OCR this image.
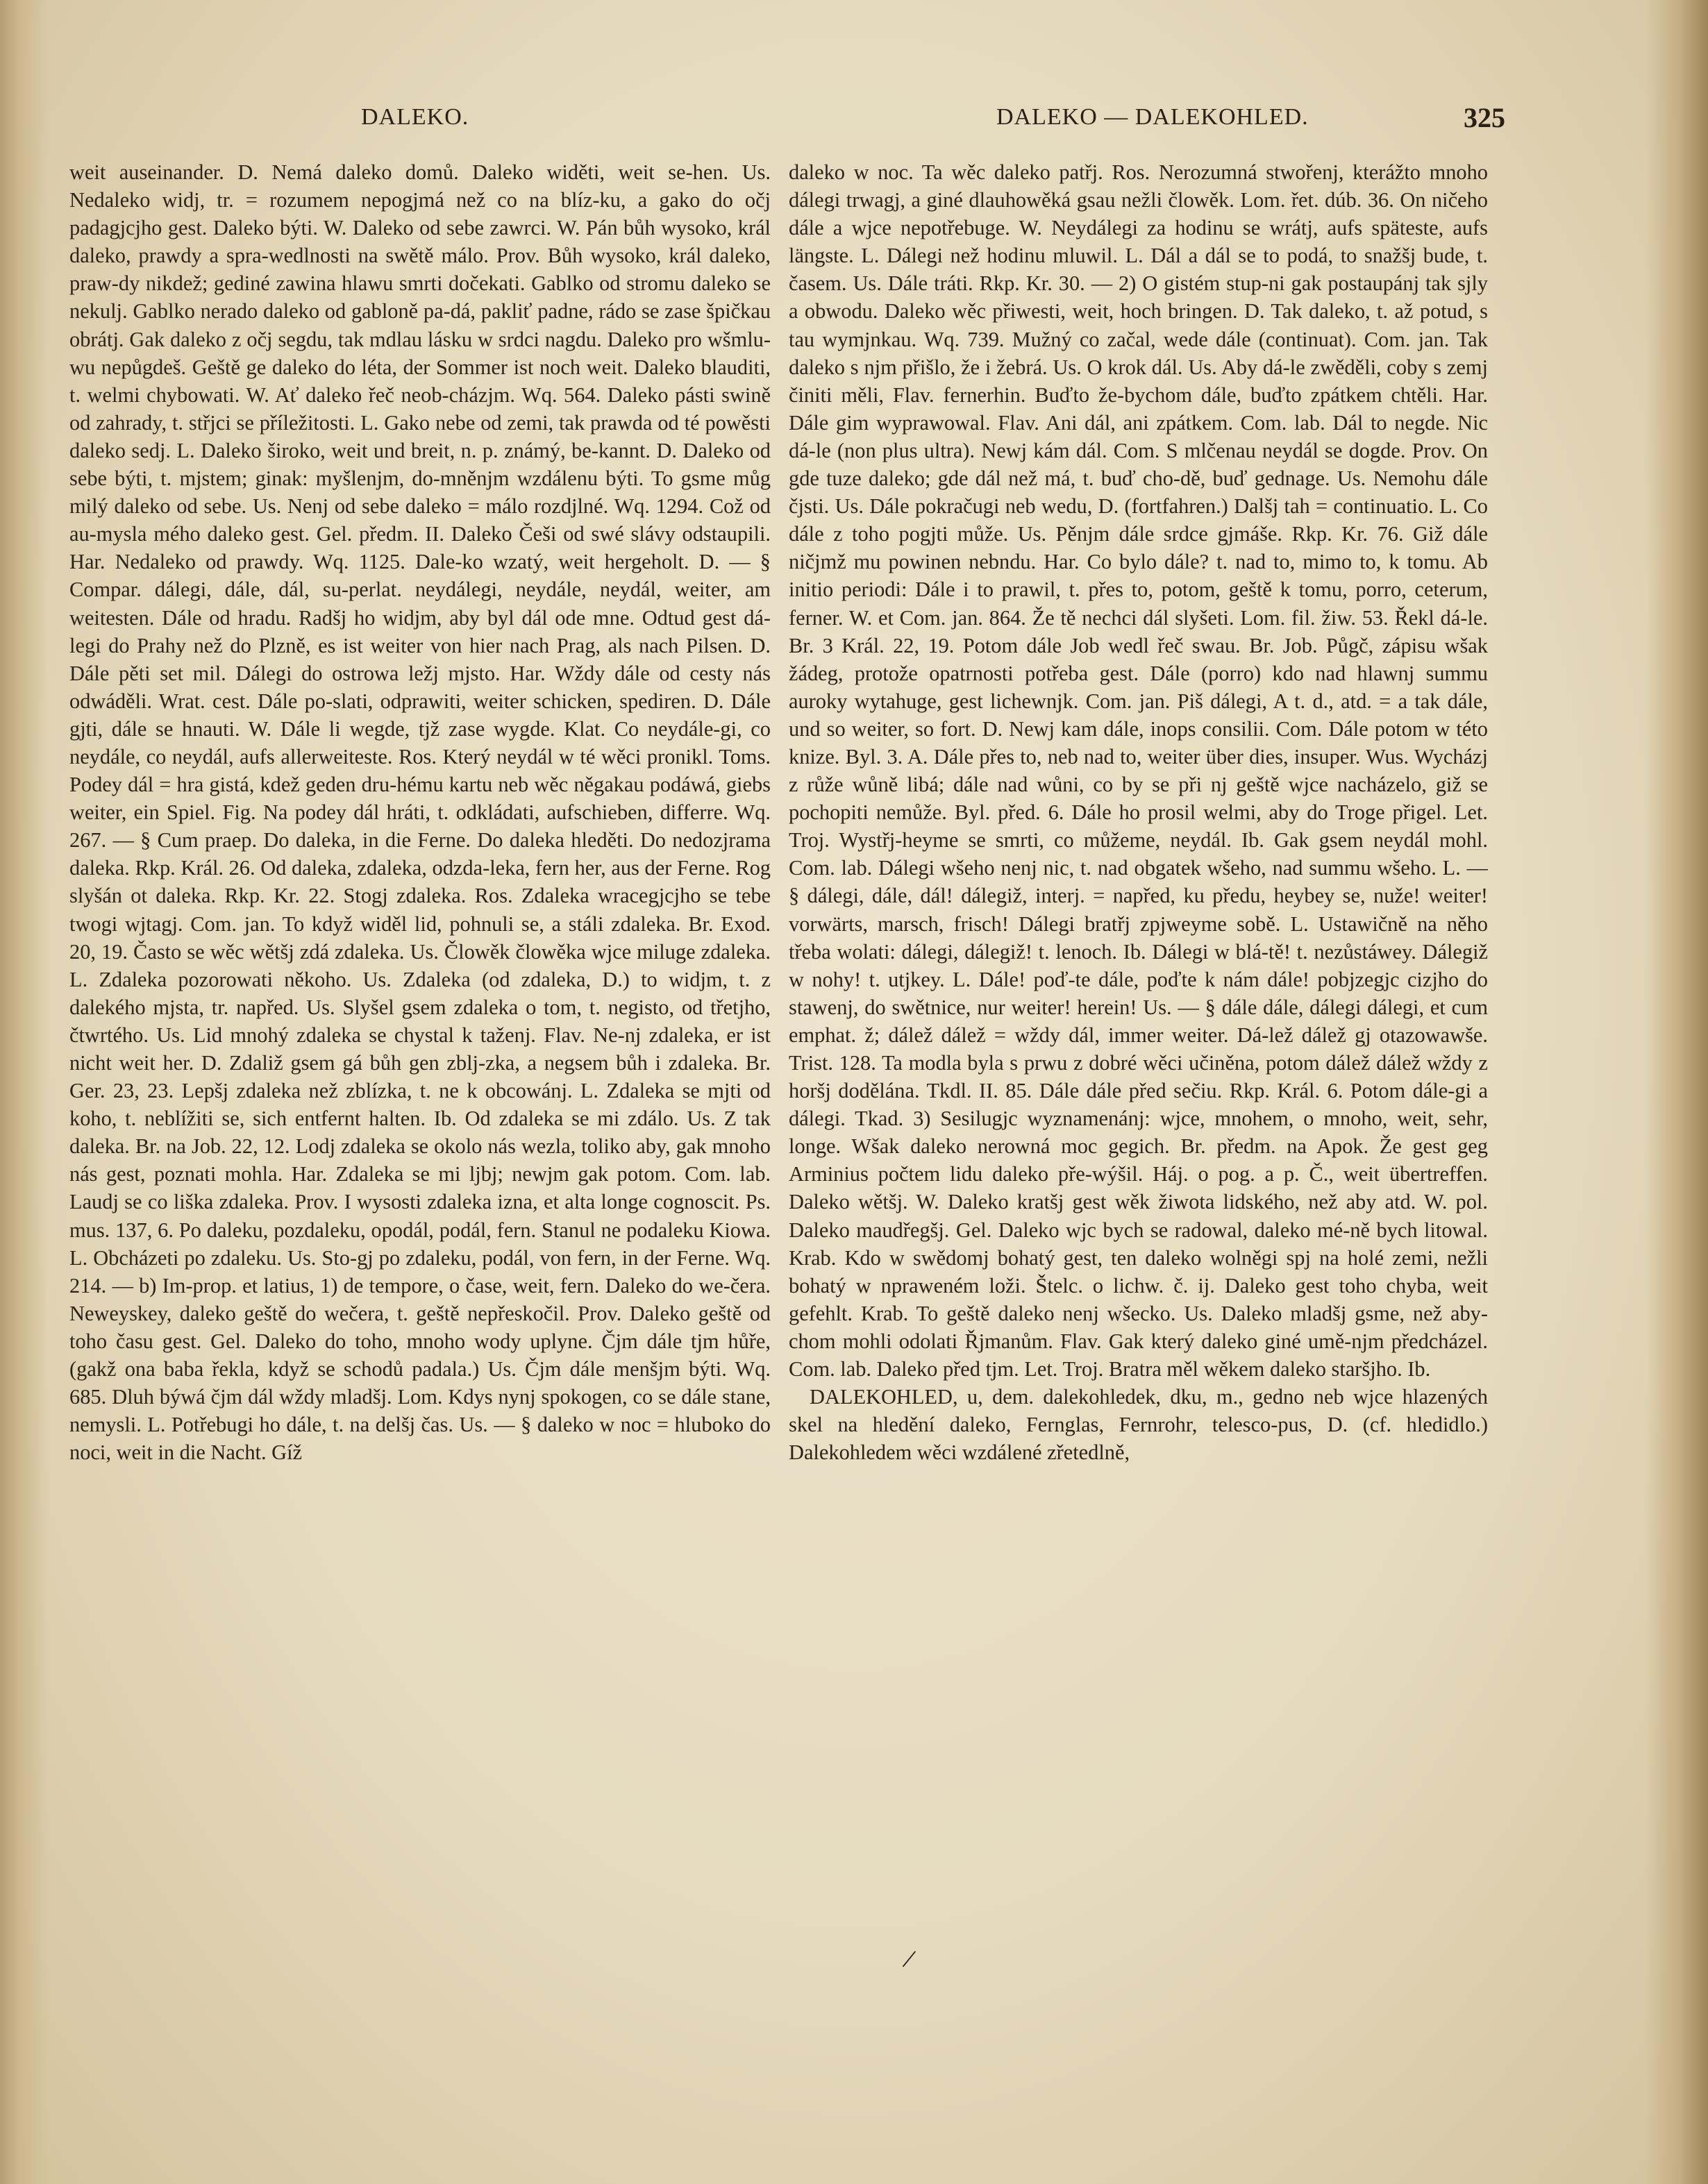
DALEKO.	DALEKO — DALEKOHLED.	325

weit auseinander. D. Nemá daleko domů. Daleko widěti, weit se-hen. Us. Nedaleko widj, tr. = rozumem nepogjmá než co na blíz-ku, a gako do očj padagjcjho gest. Daleko býti. W. Daleko od sebe zawrci. W. Pán bůh wysoko, král daleko, prawdy a spra-wedlnosti na swětě málo. Prov. Bůh wysoko, král daleko, praw-dy nikdež; gediné zawina hlawu smrti dočekati. Gablko od stromu daleko se nekulj. Gablko nerado daleko od gabloně pa-dá, pakliť padne, rádo se zase špičkau obrátj. Gak daleko z očj segdu, tak mdlau lásku w srdci nagdu. Daleko pro wšmlu-wu nepůgdeš. Geště ge daleko do léta, der Sommer ist noch weit. Daleko blauditi, t. welmi chybowati. W. Ať daleko řeč neob-cházjm. Wq. 564. Daleko pásti swině od zahrady, t. střjci se příležitosti. L. Gako nebe od zemi, tak prawda od té powěsti daleko sedj. L. Daleko široko, weit und breit, n. p. známý, be-kannt. D. Daleko od sebe býti, t. mjstem; ginak: myšlenjm, do-mněnjm wzdálenu býti. To gsme můg milý daleko od sebe. Us. Nenj od sebe daleko = málo rozdjlné. Wq. 1294. Což od au-mysla mého daleko gest. Gel. předm. II. Daleko Češi od swé slávy odstaupili. Har. Nedaleko od prawdy. Wq. 1125. Dale-ko wzatý, weit hergeholt. D. — § Compar. dálegi, dále, dál, su-perlat. neydálegi, neydále, neydál, weiter, am weitesten. Dále od hradu. Radšj ho widjm, aby byl dál ode mne. Odtud gest dá-legi do Prahy než do Plzně, es ist weiter von hier nach Prag, als nach Pilsen. D. Dále pěti set mil. Dálegi do ostrowa ležj mjsto. Har. Wždy dále od cesty nás odwáděli. Wrat. cest. Dále po-slati, odprawiti, weiter schicken, spediren. D. Dále gjti, dále se hnauti. W. Dále li wegde, tjž zase wygde. Klat. Co neydále-gi, co neydále, co neydál, aufs allerweiteste. Ros. Který neydál w té wěci pronikl. Toms. Podey dál = hra gistá, kdež geden dru-hému kartu neb wěc něgakau podáwá, giebs weiter, ein Spiel. Fig. Na podey dál hráti, t. odkládati, aufschieben, differre. Wq. 267. — § Cum praep. Do daleka, in die Ferne. Do daleka hleděti. Do nedozjrama daleka. Rkp. Král. 26. Od daleka, zdaleka, odzda-leka, fern her, aus der Ferne. Rog slyšán ot daleka. Rkp. Kr. 22. Stogj zdaleka. Ros. Zdaleka wracegjcjho se tebe twogi wjtagj. Com. jan. To když widěl lid, pohnuli se, a stáli zdaleka. Br. Exod. 20, 19. Často se wěc wětšj zdá zdaleka. Us. Člowěk člowěka wjce miluge zdaleka. L. Zdaleka pozorowati někoho. Us. Zdaleka (od zdaleka, D.) to widjm, t. z dalekého mjsta, tr. napřed. Us. Slyšel gsem zdaleka o tom, t. negisto, od třetjho, čtwrtého. Us. Lid mnohý zdaleka se chystal k taženj. Flav. Ne-nj zdaleka, er ist nicht weit her. D. Zdaliž gsem gá bůh gen zblj-zka, a negsem bůh i zdaleka. Br. Ger. 23, 23. Lepšj zdaleka než zblízka, t. ne k obcowánj. L. Zdaleka se mjti od koho, t. neblížiti se, sich entfernt halten. Ib. Od zdaleka se mi zdálo. Us. Z tak daleka. Br. na Job. 22, 12. Lodj zdaleka se okolo nás wezla, toliko aby, gak mnoho nás gest, poznati mohla. Har. Zdaleka se mi ljbj; newjm gak potom. Com. lab. Laudj se co liška zdaleka. Prov. I wysosti zdaleka izna, et alta longe cognoscit. Ps. mus. 137, 6. Po daleku, pozdaleku, opodál, podál, fern. Stanul ne podaleku Kiowa. L. Obcházeti po zdaleku. Us. Sto-gj po zdaleku, podál, von fern, in der Ferne. Wq. 214. — b) Im-prop. et latius, 1) de tempore, o čase, weit, fern. Daleko do we-čera. Neweyskey, daleko geště do wečera, t. geště nepřeskočil. Prov. Daleko geště od toho času gest. Gel. Daleko do toho, mnoho wody uplyne. Čjm dále tjm hůře, (gakž ona baba řekla, když se schodů padala.) Us. Čjm dále menšjm býti. Wq. 685. Dluh býwá čjm dál wždy mladšj. Lom. Kdys nynj spokogen, co se dále stane, nemysli. L. Potřebugi ho dále, t. na delšj čas. Us. — § daleko w noc = hluboko do noci, weit in die Nacht. Gíž

daleko w noc. Ta wěc daleko patřj. Ros. Nerozumná stwořenj, kterážto mnoho dálegi trwagj, a giné dlauhowěká gsau nežli člowěk. Lom. řet. dúb. 36. On ničeho dále a wjce nepotřebuge. W. Neydálegi za hodinu se wrátj, aufs späteste, aufs längste. L. Dálegi než hodinu mluwil. L. Dál a dál se to podá, to snažšj bude, t. časem. Us. Dále tráti. Rkp. Kr. 30. — 2) O gistém stup-ni gak postaupánj tak sjly a obwodu. Daleko wěc přiwesti, weit, hoch bringen. D. Tak daleko, t. až potud, s tau wymjnkau. Wq. 739. Mužný co začal, wede dále (continuat). Com. jan. Tak daleko s njm přišlo, že i žebrá. Us. O krok dál. Us. Aby dá-le zwěděli, coby s zemj činiti měli, Flav. fernerhin. Buďto že-bychom dále, buďto zpátkem chtěli. Har. Dále gim wyprawowal. Flav. Ani dál, ani zpátkem. Com. lab. Dál to negde. Nic dá-le (non plus ultra). Newj kám dál. Com. S mlčenau neydál se dogde. Prov. On gde tuze daleko; gde dál než má, t. buď cho-dě, buď gednage. Us. Nemohu dále čjsti. Us. Dále pokračugi neb wedu, D. (fortfahren.) Dalšj tah = continuatio. L. Co dále z toho pogjti může. Us. Pěnjm dále srdce gjmáše. Rkp. Kr. 76. Giž dále ničjmž mu powinen nebndu. Har. Co bylo dále? t. nad to, mimo to, k tomu. Ab initio periodi: Dále i to prawil, t. přes to, potom, geště k tomu, porro, ceterum, ferner. W. et Com. jan. 864. Že tě nechci dál slyšeti. Lom. fil. žiw. 53. Řekl dá-le. Br. 3 Král. 22, 19. Potom dále Job wedl řeč swau. Br. Job. Půgč, zápisu wšak žádeg, protože opatrnosti potřeba gest. Dále (porro) kdo nad hlawnj summu auroky wytahuge, gest lichewnjk. Com. jan. Piš dálegi, A t. d., atd. = a tak dále, und so weiter, so fort. D. Newj kam dále, inops consilii. Com. Dále potom w této knize. Byl. 3. A. Dále přes to, neb nad to, weiter über dies, insuper. Wus. Wycházj z růže wůně libá; dále nad wůni, co by se při nj geště wjce nacházelo, giž se pochopiti nemůže. Byl. před. 6. Dále ho prosil welmi, aby do Troge přigel. Let. Troj. Wystřj-heyme se smrti, co můžeme, neydál. Ib. Gak gsem neydál mohl. Com. lab. Dálegi wšeho nenj nic, t. nad obgatek wšeho, nad summu wšeho. L. — § dálegi, dále, dál! dálegiž, interj. = napřed, ku předu, heybey se, nuže! weiter! vorwärts, marsch, frisch! Dálegi bratřj zpjweyme sobě. L. Ustawičně na něho třeba wolati: dálegi, dálegiž! t. lenoch. Ib. Dálegi w blá-tě! t. nezůstáwey. Dálegiž w nohy! t. utjkey. L. Dále! poď-te dále, poďte k nám dále! pobjzegjc cizjho do stawenj, do swětnice, nur weiter! herein! Us. — § dále dále, dálegi dálegi, et cum emphat. ž; dálež dálež = wždy dál, immer weiter. Dá-lež dálež gj otazowawše. Trist. 128. Ta modla byla s prwu z dobré wěci učiněna, potom dálež dálež wždy z horšj dodělána. Tkdl. II. 85. Dále dále před sečiu. Rkp. Král. 6. Potom dále-gi a dálegi. Tkad. 3) Sesilugjc wyznamenánj: wjce, mnohem, o mnoho, weit, sehr, longe. Wšak daleko nerowná moc gegich. Br. předm. na Apok. Že gest geg Arminius počtem lidu daleko pře-wýšil. Háj. o pog. a p. Č., weit übertreffen. Daleko wětšj. W. Daleko kratšj gest wěk žiwota lidského, než aby atd. W. pol. Daleko maudřegšj. Gel. Daleko wjc bych se radowal, daleko mé-ně bych litowal. Krab. Kdo w swědomj bohatý gest, ten daleko wolněgi spj na holé zemi, nežli bohatý w npraweném loži. Štelc. o lichw. č. ij. Daleko gest toho chyba, weit gefehlt. Krab. To geště daleko nenj wšecko. Us. Daleko mladšj gsme, než aby-chom mohli odolati Řjmanům. Flav. Gak který daleko giné umě-njm předcházel. Com. lab. Daleko před tjm. Let. Troj. Bratra měl wěkem daleko staršjho. Ib.

DALEKOHLED, u, dem. dalekohledek, dku, m., gedno neb wjce hlazených skel na hledění daleko, Fernglas, Fernrohr, telesco-pus, D. (cf. hledidlo.) Dalekohledem wěci wzdálené zřetedlně,

/
